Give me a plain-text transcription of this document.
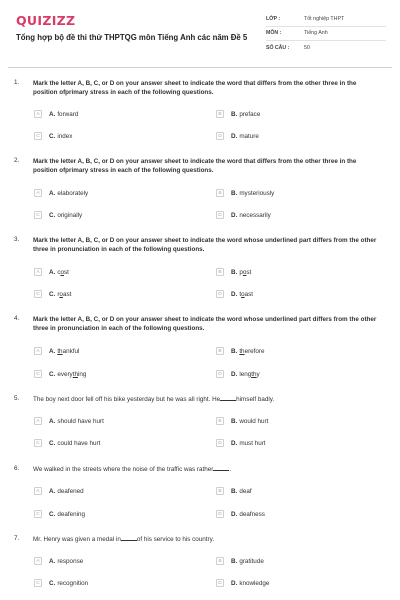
QUIZIZZ
Tổng hợp bộ đề thi thử THPTQG môn Tiếng Anh các năm Đề 5
LỚP :	Tốt nghiệp THPT
MÔN :	Tiếng Anh
SỐ CÂU :	50
1. Mark the letter A, B, C, or D on your answer sheet to indicate the word that differs from the other three in the position ofprimary stress in each of the following questions.
A	A. forward	B	B. preface
C	C. index	D	D. mature
2. Mark the letter A, B, C, or D on your answer sheet to indicate the word that differs from the other three in the position ofprimary stress in each of the following questions.
A	A. elaborately	B	B. mysteriously
C	C. originally	D	D. necessarily
3. Mark the letter A, B, C, or D on your answer sheet to indicate the word whose underlined part differs from the other three in pronunciation in each of the following questions.
A	A. cost	B	B. post
C	C. roast	D	D. toast
4. Mark the letter A, B, C, or D on your answer sheet to indicate the word whose underlined part differs from the other three in pronunciation in each of the following questions.
A	A. thankful	B	B. therefore
C	C. everything	D	D. lengthy
5. The boy next door fell off his bike yesterday but he was all right. He	himself badly.
A	A. should have hurt	B	B. would hurt
C	C. could have hurt	D	D. must hurt
6. We walked in the streets where the noise of the traffic was rather	.
A	A. deafened	B	B. deaf
C	C. deafening	D	D. deafness
7. Mr. Henry was given a medal in	of his service to his country.
A	A. response	B	B. gratitude
C	C. recognition	D	D. knowledge
